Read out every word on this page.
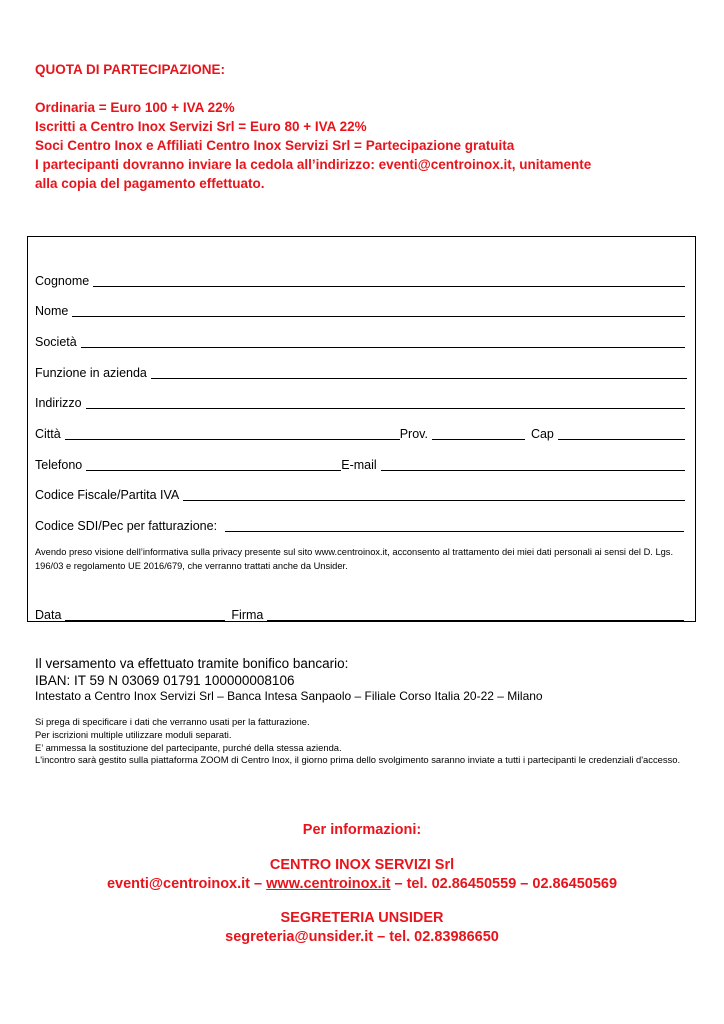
QUOTA DI PARTECIPAZIONE:
Ordinaria = Euro 100 + IVA 22%
Iscritti a Centro Inox Servizi Srl = Euro 80 + IVA 22%
Soci Centro Inox e Affiliati Centro Inox Servizi Srl = Partecipazione gratuita
I partecipanti dovranno inviare la cedola all’indirizzo: eventi@centroinox.it, unitamente
alla copia del pagamento effettuato.
Cognome
Nome
Società
Funzione in azienda
Indirizzo
Città	Prov.	Cap
Telefono	E-mail
Codice Fiscale/Partita IVA
Codice SDI/Pec per fatturazione:
Avendo preso visione dell’informativa sulla privacy presente sul sito www.centroinox.it, acconsento al trattamento dei miei dati personali ai sensi del D. Lgs. 196/03 e regolamento UE 2016/679, che verranno trattati anche da Unsider.
Data	Firma
Il versamento va effettuato tramite bonifico bancario:
IBAN: IT 59 N 03069 01791 100000008106
Intestato a Centro Inox Servizi Srl – Banca Intesa Sanpaolo – Filiale Corso Italia 20-22 – Milano
Si prega di specificare i dati che verranno usati per la fatturazione.
Per iscrizioni multiple utilizzare moduli separati.
E’ ammessa la sostituzione del partecipante, purché della stessa azienda.
L'incontro sarà gestito sulla piattaforma ZOOM di Centro Inox, il giorno prima dello svolgimento saranno inviate a tutti i partecipanti le credenziali d'accesso.
Per informazioni:
CENTRO INOX SERVIZI Srl
eventi@centroinox.it – www.centroinox.it – tel. 02.86450559 – 02.86450569
SEGRETERIA UNSIDER
segreteria@unsider.it – tel. 02.83986650
